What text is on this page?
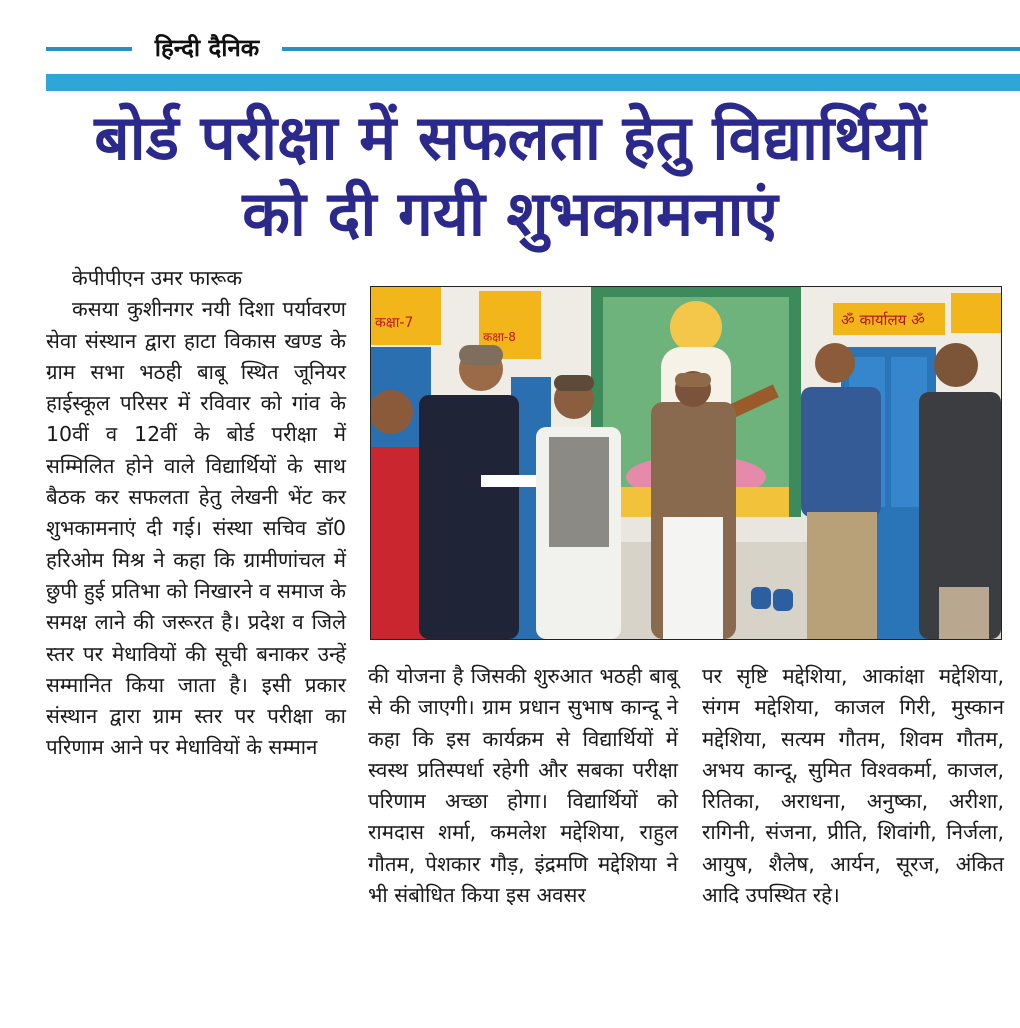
हिन्दी दैनिक
बोर्ड परीक्षा में सफलता हेतु विद्यार्थियों
को दी गयी शुभकामनाएं

केपीपीएन उमर फारूक

कसया कुशीनगर नयी दिशा पर्यावरण सेवा संस्थान द्वारा हाटा विकास खण्ड के ग्राम सभा भठही बाबू स्थित जूनियर हाईस्कूल परिसर में रविवार को गांव के 10वीं व 12वीं के बोर्ड परीक्षा में सम्मिलित होने वाले विद्यार्थियों के साथ बैठक कर सफलता हेतु लेखनी भेंट कर शुभकामनाएं दी गई। संस्था सचिव डॉ0 हरिओम मिश्र ने कहा कि ग्रामीणांचल में छुपी हुई प्रतिभा को निखारने व समाज के समक्ष लाने की जरूरत है। प्रदेश व जिले स्तर पर मेधावियों की सूची बनाकर उन्हें सम्मानित किया जाता है। इसी प्रकार संस्थान द्वारा ग्राम स्तर पर परीक्षा का परिणाम आने पर मेधावियों के सम्मान

कक्षा-7
कक्षा-8
ॐ कार्यालय ॐ

की योजना है जिसकी शुरुआत भठही बाबू से की जाएगी। ग्राम प्रधान सुभाष कान्दू ने कहा कि इस कार्यक्रम से विद्यार्थियों में स्वस्थ प्रतिस्पर्धा रहेगी और सबका परीक्षा परिणाम अच्छा होगा। विद्यार्थियों को रामदास शर्मा, कमलेश मद्देशिया, राहुल गौतम, पेशकार गौड़, इंद्रमणि मद्देशिया ने भी संबोधित किया इस अवसर

पर सृष्टि मद्देशिया, आकांक्षा मद्देशिया, संगम मद्देशिया, काजल गिरी, मुस्कान मद्देशिया, सत्यम गौतम, शिवम गौतम, अभय कान्दू, सुमित विश्वकर्मा, काजल, रितिका, अराधना, अनुष्का, अरीशा, रागिनी, संजना, प्रीति, शिवांगी, निर्जला, आयुष, शैलेष, आर्यन, सूरज, अंकित आदि उपस्थित रहे।
